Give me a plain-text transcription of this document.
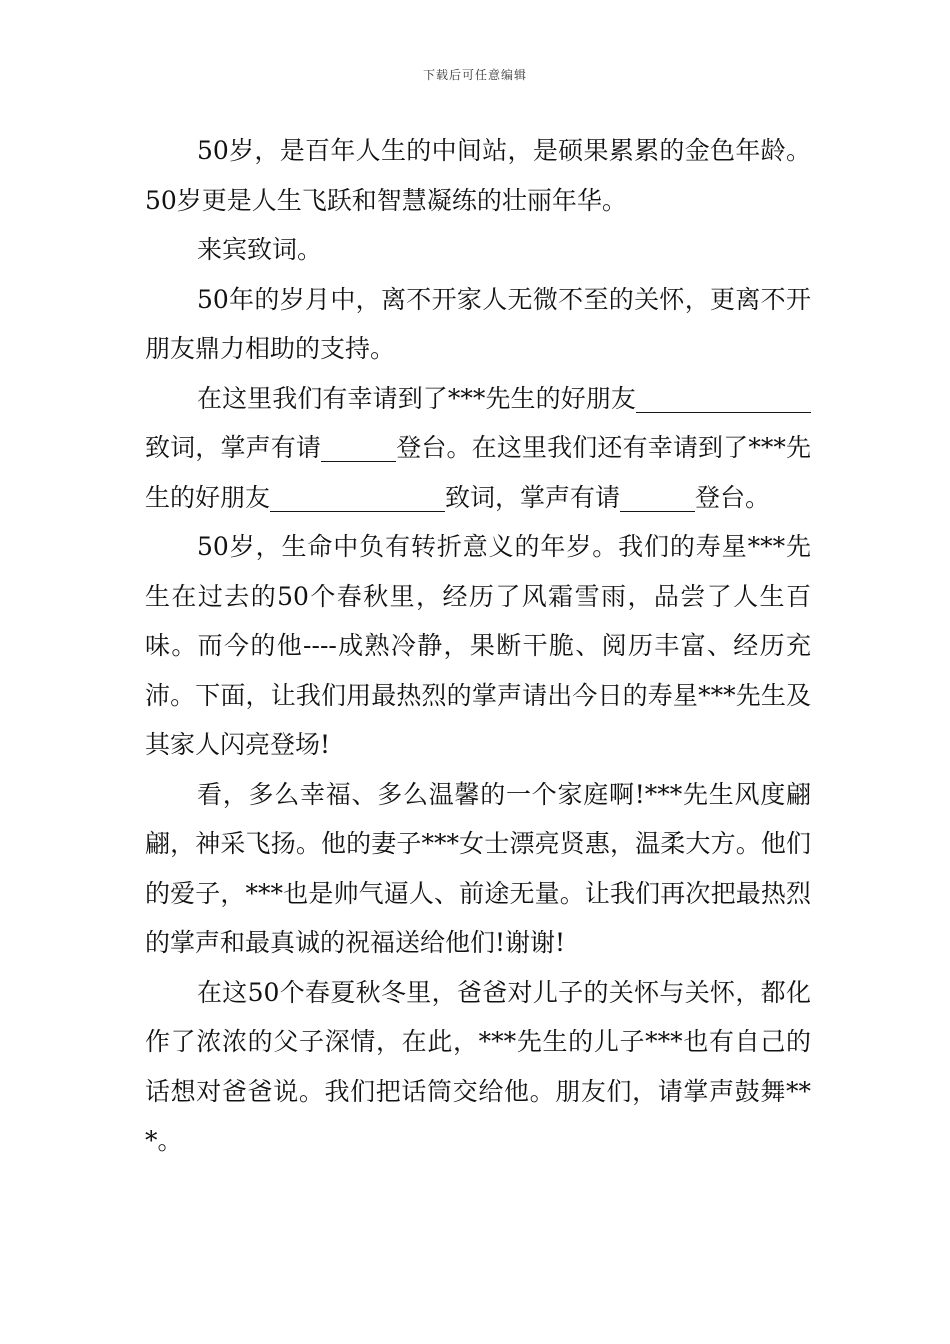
下载后可任意编辑

50岁，是百年人生的中间站，是硕果累累的金色年龄。50岁更是人生飞跃和智慧凝练的壮丽年华。

来宾致词。

50年的岁月中，离不开家人无微不至的关怀，更离不开朋友鼎力相助的支持。

在这里我们有幸请到了***先生的好朋友______________致词，掌声有请______登台。在这里我们还有幸请到了***先生的好朋友______________致词，掌声有请______登台。

50岁，生命中负有转折意义的年岁。我们的寿星***先生在过去的50个春秋里，经历了风霜雪雨，品尝了人生百味。而今的他----成熟冷静，果断干脆、阅历丰富、经历充沛。下面，让我们用最热烈的掌声请出今日的寿星***先生及其家人闪亮登场!

看，多么幸福、多么温馨的一个家庭啊!***先生风度翩翩，神采飞扬。他的妻子***女士漂亮贤惠，温柔大方。他们的爱子，***也是帅气逼人、前途无量。让我们再次把最热烈的掌声和最真诚的祝福送给他们!谢谢!

在这50个春夏秋冬里，爸爸对儿子的关怀与关怀，都化作了浓浓的父子深情，在此，***先生的儿子***也有自己的话想对爸爸说。我们把话筒交给他。朋友们，请掌声鼓舞***。
